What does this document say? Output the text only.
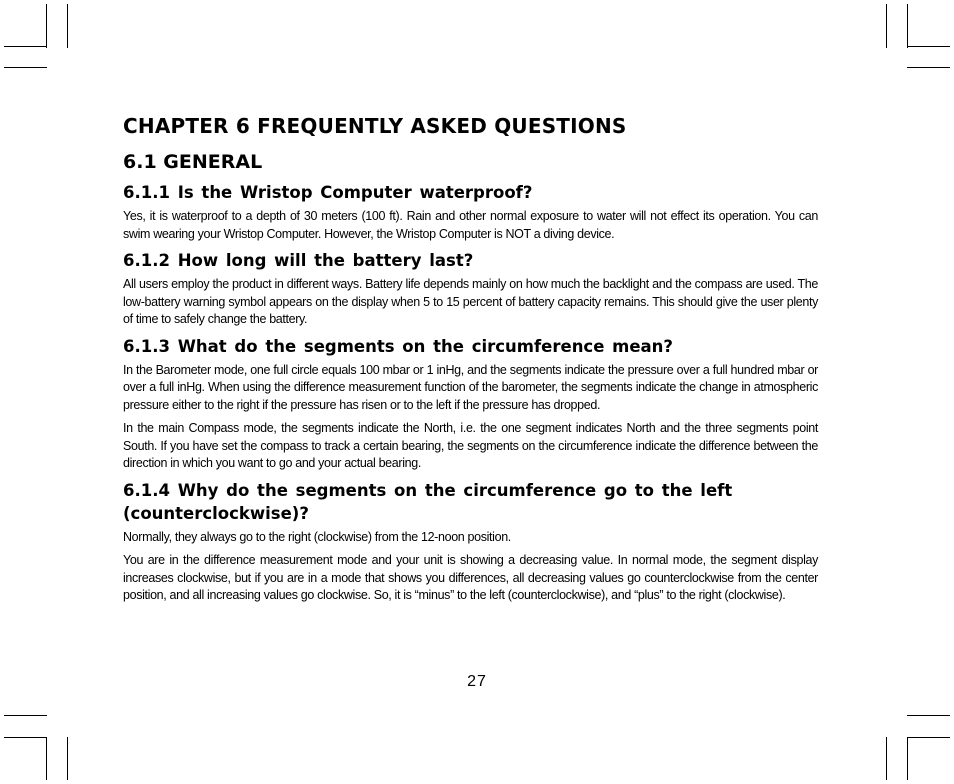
CHAPTER 6 FREQUENTLY ASKED QUESTIONS
6.1 GENERAL
6.1.1 Is the Wristop Computer waterproof?

Yes, it is waterproof to a depth of 30 meters (100 ft). Rain and other normal exposure to water will not effect its operation. You can swim wearing your Wristop Computer. However, the Wristop Computer is NOT a diving device.

6.1.2 How long will the battery last?

All users employ the product in different ways. Battery life depends mainly on how much the backlight and the compass are used. The low-battery warning symbol appears on the display when 5 to 15 percent of battery capacity remains. This should give the user plenty of time to safely change the battery.

6.1.3 What do the segments on the circumference mean?

In the Barometer mode, one full circle equals 100 mbar or 1 inHg, and the segments indicate the pressure over a full hundred mbar or over a full inHg. When using the difference measurement function of the barometer, the segments indicate the change in atmospheric pressure either to the right if the pressure has risen or to the left if the pressure has dropped.

In the main Compass mode, the segments indicate the North, i.e. the one segment indicates North and the three segments point South. If you have set the compass to track a certain bearing, the segments on the circumference indicate the difference between the direction in which you want to go and your actual bearing.

6.1.4 Why do the segments on the circumference go to the left (counterclockwise)?

Normally, they always go to the right (clockwise) from the 12-noon position.

You are in the difference measurement mode and your unit is showing a decreasing value. In normal mode, the segment display increases clockwise, but if you are in a mode that shows you differences, all decreasing values go counterclockwise from the center position, and all increasing values go clockwise. So, it is “minus” to the left (counterclockwise), and “plus” to the right (clockwise).

27
